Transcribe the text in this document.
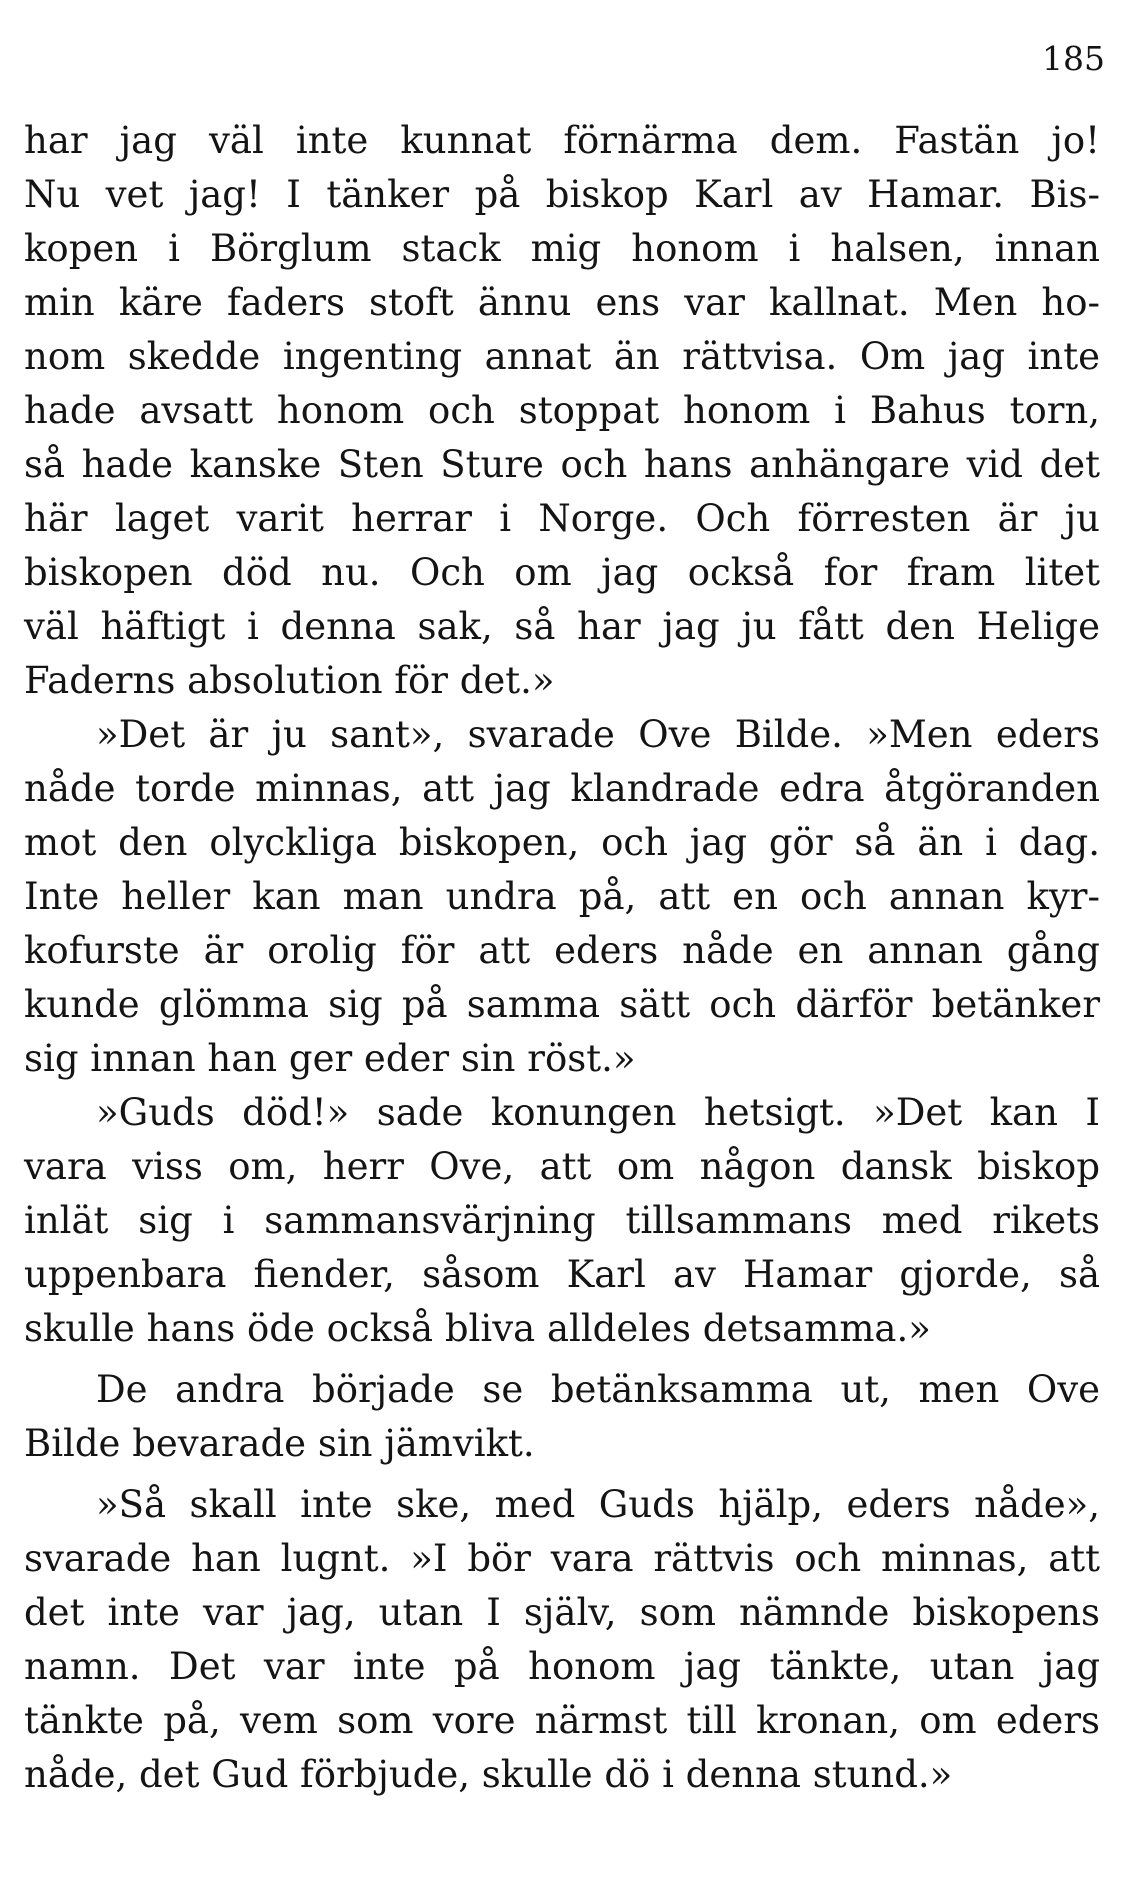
185

har jag väl inte kunnat förnärma dem. Fastän jo!
Nu vet jag! I tänker på biskop Karl av Hamar. Bis-
kopen i Börglum stack mig honom i halsen, innan
min käre faders stoft ännu ens var kallnat. Men ho-
nom skedde ingenting annat än rättvisa. Om jag inte
hade avsatt honom och stoppat honom i Bahus torn,
så hade kanske Sten Sture och hans anhängare vid det
här laget varit herrar i Norge. Och förresten är ju
biskopen död nu. Och om jag också for fram litet
väl häftigt i denna sak, så har jag ju fått den Helige
Faderns absolution för det.»
»Det är ju sant», svarade Ove Bilde. »Men eders
nåde torde minnas, att jag klandrade edra åtgöranden
mot den olyckliga biskopen, och jag gör så än i dag.
Inte heller kan man undra på, att en och annan kyr-
kofurste är orolig för att eders nåde en annan gång
kunde glömma sig på samma sätt och därför betänker
sig innan han ger eder sin röst.»
»Guds död!» sade konungen hetsigt. »Det kan I
vara viss om, herr Ove, att om någon dansk biskop
inlät sig i sammansvärjning tillsammans med rikets
uppenbara fiender, såsom Karl av Hamar gjorde, så
skulle hans öde också bliva alldeles detsamma.»
De andra började se betänksamma ut, men Ove
Bilde bevarade sin jämvikt.
»Så skall inte ske, med Guds hjälp, eders nåde»,
svarade han lugnt. »I bör vara rättvis och minnas, att
det inte var jag, utan I själv, som nämnde biskopens
namn. Det var inte på honom jag tänkte, utan jag
tänkte på, vem som vore närmst till kronan, om eders
nåde, det Gud förbjude, skulle dö i denna stund.»
